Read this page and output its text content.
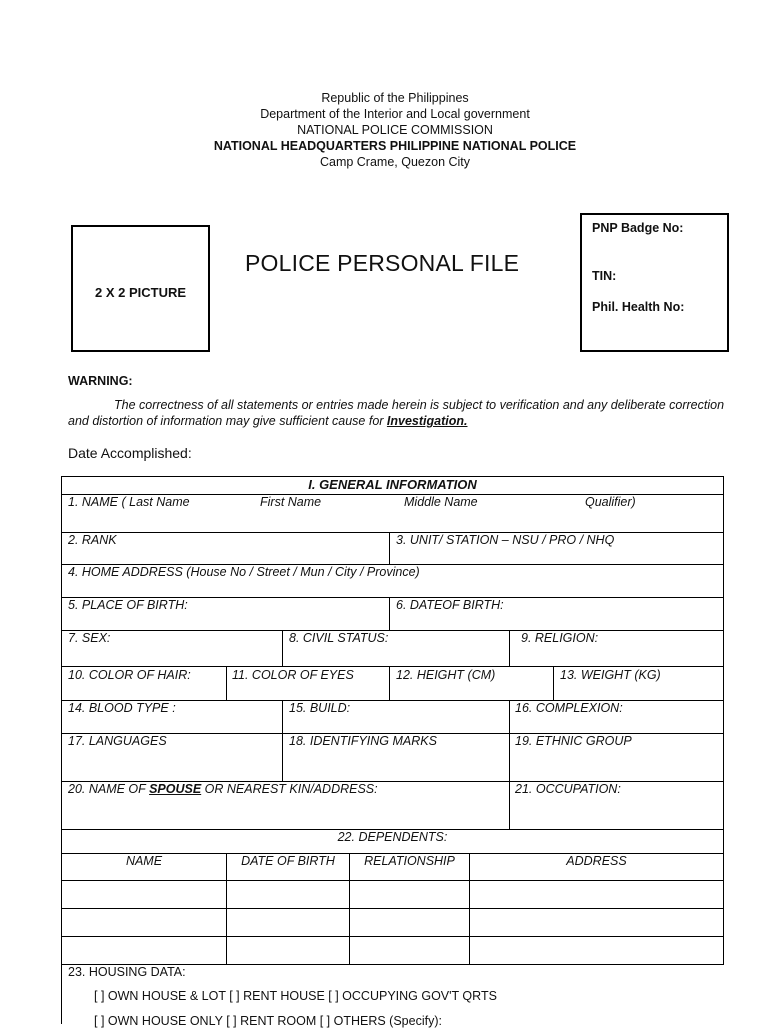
Republic of the Philippines
Department of the Interior and Local government
NATIONAL POLICE COMMISSION
NATIONAL HEADQUARTERS PHILIPPINE NATIONAL POLICE
Camp Crame, Quezon City
2 X 2 PICTURE
POLICE PERSONAL FILE
PNP Badge No:
TIN:
Phil. Health No:
WARNING:
The correctness of all statements or entries made herein is subject to verification and any deliberate correction and distortion of information may give sufficient cause for Investigation.
Date Accomplished:
I. GENERAL INFORMATION
1. NAME ( Last Name	First Name	Middle Name	Qualifier)
2. RANK	3. UNIT/ STATION – NSU / PRO / NHQ
4. HOME ADDRESS (House No / Street / Mun / City / Province)
5. PLACE OF BIRTH:	6. DATEOF BIRTH:
7. SEX:	8. CIVIL STATUS:	9. RELIGION:
10. COLOR OF HAIR:	11. COLOR OF EYES	12. HEIGHT (CM)	13. WEIGHT (KG)
14. BLOOD TYPE :	15. BUILD:	16. COMPLEXION:
17. LANGUAGES	18. IDENTIFYING MARKS	19. ETHNIC GROUP
20. NAME OF SPOUSE OR NEAREST KIN/ADDRESS:	21. OCCUPATION:
22. DEPENDENTS:
NAME	DATE OF BIRTH	RELATIONSHIP	ADDRESS
23. HOUSING DATA:
[ ] OWN HOUSE & LOT [ ] RENT HOUSE [ ] OCCUPYING GOV'T QRTS
[ ] OWN HOUSE ONLY [ ] RENT ROOM [ ] OTHERS (Specify):
